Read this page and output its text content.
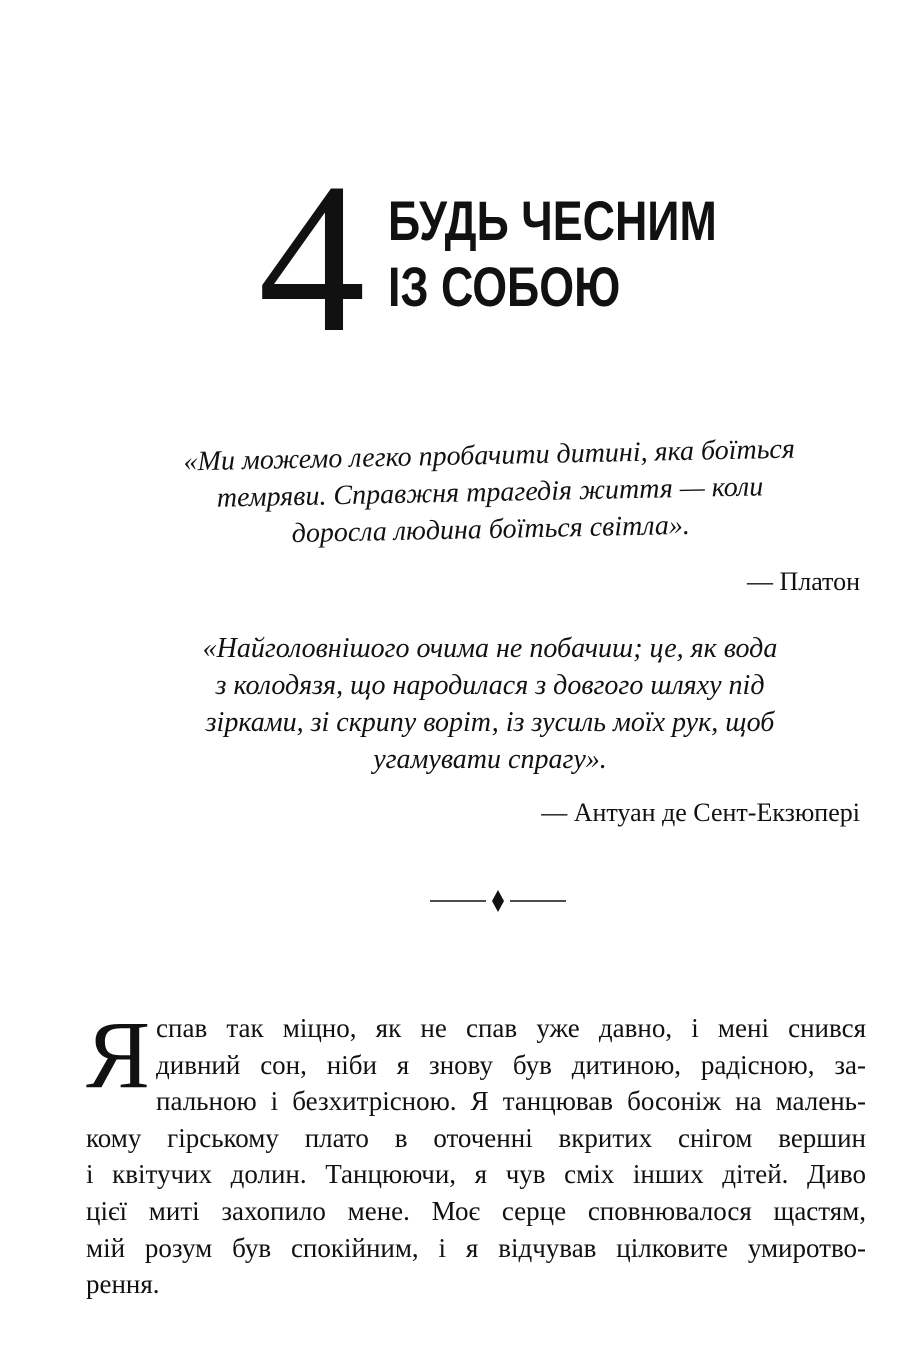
4 БУДЬ ЧЕСНИМ
ІЗ СОБОЮ
«Ми можемо легко пробачити дитині, яка боїться
темряви. Справжня трагедія життя — коли
доросла людина боїться світла».
— Платон
«Найголовнішого очима не побачиш; це, як вода
з колодязя, що народилася з довгого шляху під
зірками, зі скрипу воріт, із зусиль моїх рук, щоб
угамувати спрагу».
— Антуан де Сент-Екзюпері
Я спав так міцно, як не спав уже давно, і мені снився
дивний сон, ніби я знову був дитиною, радісною, за-
пальною і безхитрісною. Я танцював босоніж на малень-
кому гірському плато в оточенні вкритих снігом вершин
і квітучих долин. Танцюючи, я чув сміх інших дітей. Диво
цієї миті захопило мене. Моє серце сповнювалося щастям,
мій розум був спокійним, і я відчував цілковите умиротво-
рення.
